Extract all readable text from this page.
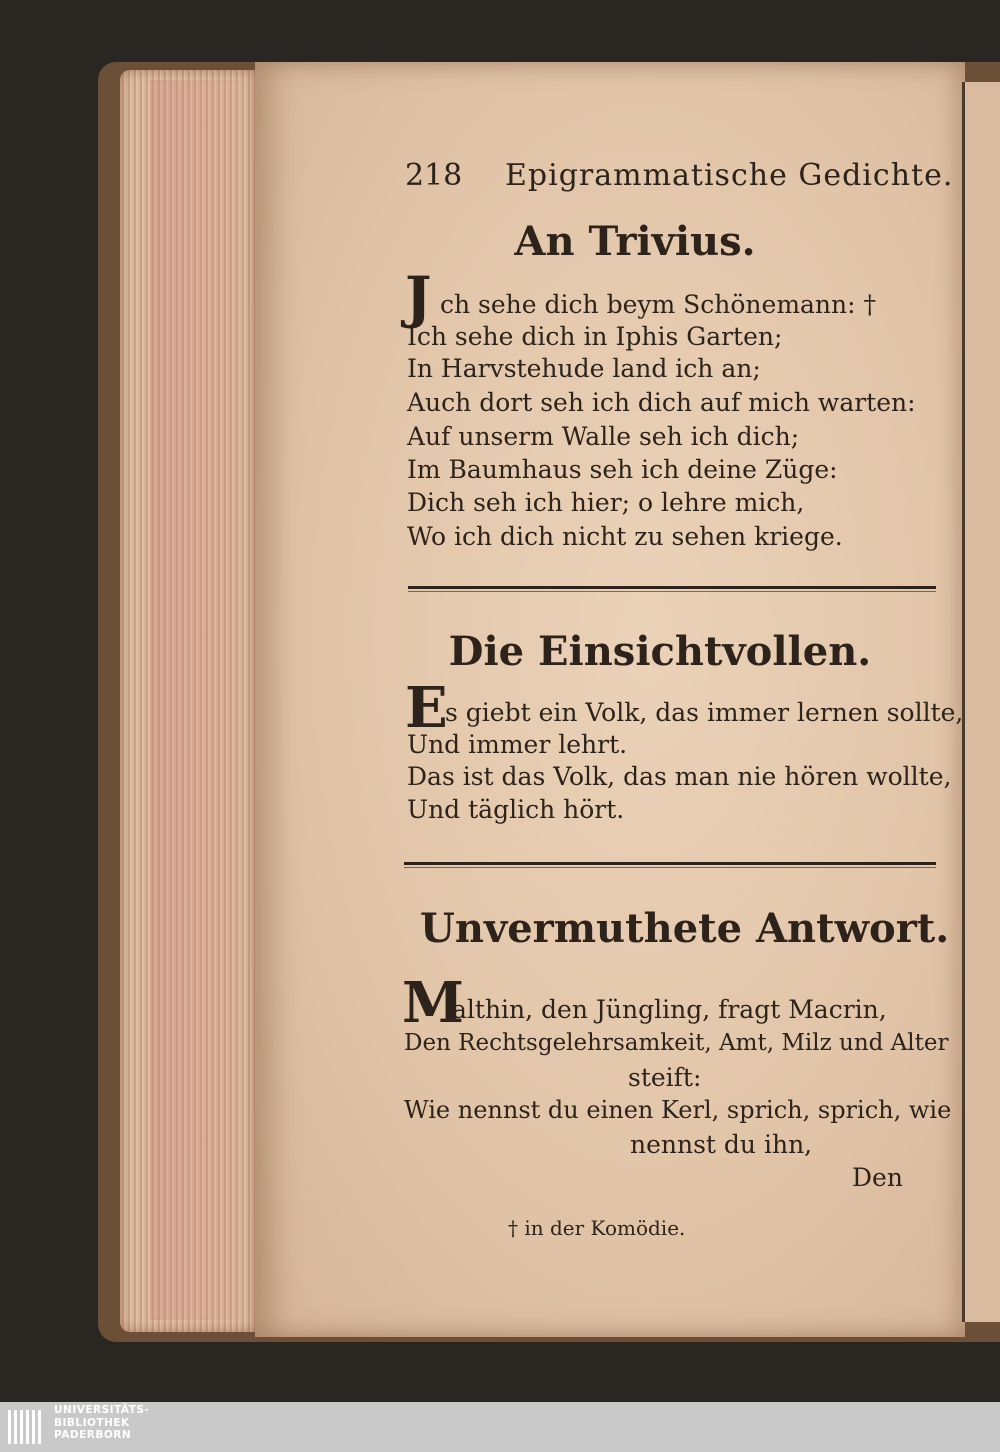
218 Epigrammatische Gedichte.
An Trivius.
J ch sehe dich beym Schönemann: †
Ich sehe dich in Iphis Garten;
In Harvstehude land ich an;
Auch dort seh ich dich auf mich warten:
Auf unserm Walle seh ich dich;
Im Baumhaus seh ich deine Züge:
Dich seh ich hier; o lehre mich,
Wo ich dich nicht zu sehen kriege.
Die Einsichtvollen.
E
s giebt ein Volk, das immer lernen sollte,
Und immer lehrt.
Das ist das Volk, das man nie hören wollte,
Und täglich hört.
Unvermuthete Antwort.
M
althin, den Jüngling, fragt Macrin,
Den Rechtsgelehrsamkeit, Amt, Milz und Alter
steift:
Wie nennst du einen Kerl, sprich, sprich, wie
nennst du ihn,
Den
† in der Komödie.
UNIVERSITÄTS-
BIBLIOTHEK
PADERBORN
